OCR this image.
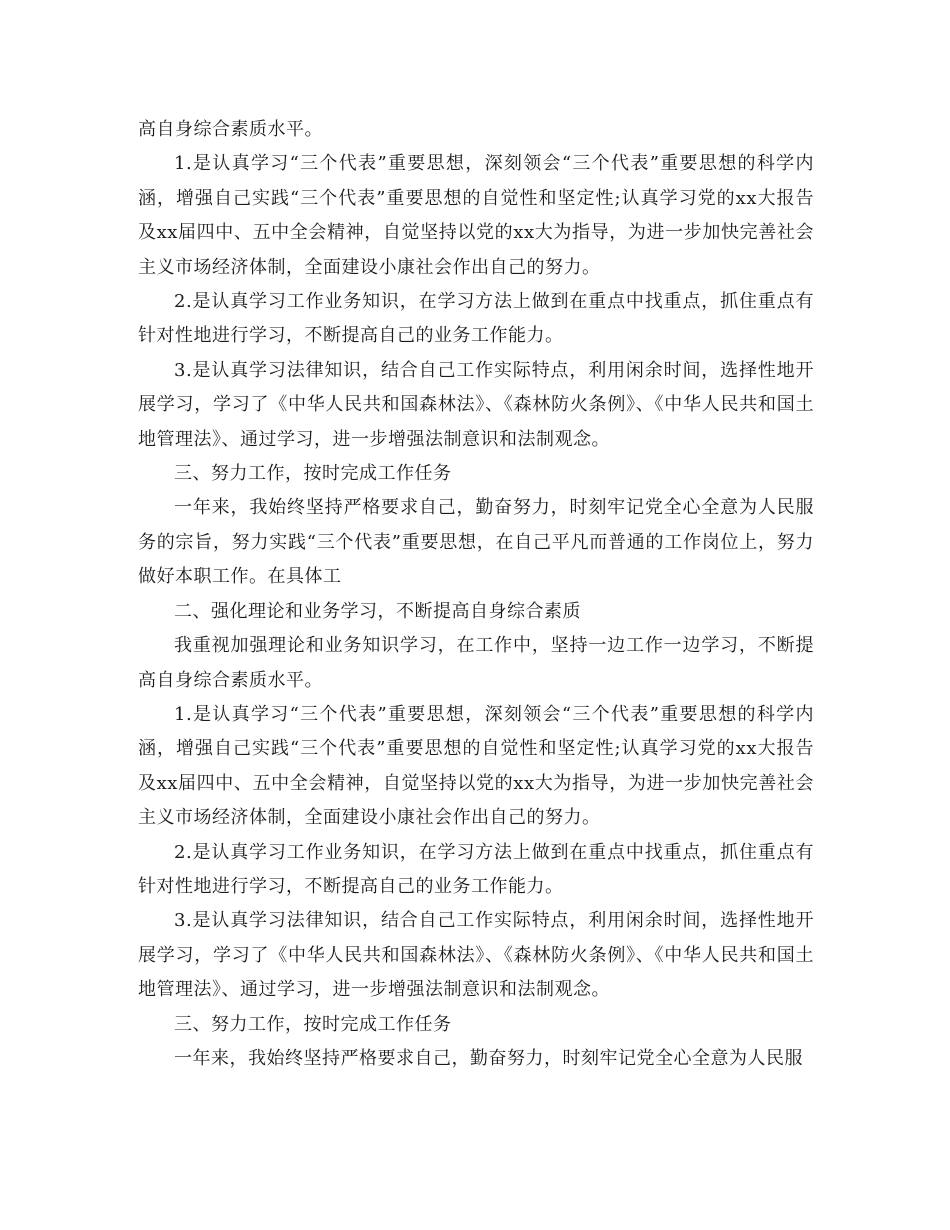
高自身综合素质水平。

1.是认真学习“三个代表”重要思想，深刻领会“三个代表”重要思想的科学内涵，增强自己实践“三个代表”重要思想的自觉性和坚定性;认真学习党的xx大报告及xx届四中、五中全会精神，自觉坚持以党的xx大为指导，为进一步加快完善社会主义市场经济体制，全面建设小康社会作出自己的努力。

2.是认真学习工作业务知识，在学习方法上做到在重点中找重点，抓住重点有针对性地进行学习，不断提高自己的业务工作能力。

3.是认真学习法律知识，结合自己工作实际特点，利用闲余时间，选择性地开展学习，学习了《中华人民共和国森林法》、《森林防火条例》、《中华人民共和国土地管理法》、通过学习，进一步增强法制意识和法制观念。

三、努力工作，按时完成工作任务

一年来，我始终坚持严格要求自己，勤奋努力，时刻牢记党全心全意为人民服务的宗旨，努力实践“三个代表”重要思想，在自己平凡而普通的工作岗位上，努力做好本职工作。在具体工

二、强化理论和业务学习，不断提高自身综合素质

我重视加强理论和业务知识学习，在工作中，坚持一边工作一边学习，不断提高自身综合素质水平。

1.是认真学习“三个代表”重要思想，深刻领会“三个代表”重要思想的科学内涵，增强自己实践“三个代表”重要思想的自觉性和坚定性;认真学习党的xx大报告及xx届四中、五中全会精神，自觉坚持以党的xx大为指导，为进一步加快完善社会主义市场经济体制，全面建设小康社会作出自己的努力。

2.是认真学习工作业务知识，在学习方法上做到在重点中找重点，抓住重点有针对性地进行学习，不断提高自己的业务工作能力。

3.是认真学习法律知识，结合自己工作实际特点，利用闲余时间，选择性地开展学习，学习了《中华人民共和国森林法》、《森林防火条例》、《中华人民共和国土地管理法》、通过学习，进一步增强法制意识和法制观念。

三、努力工作，按时完成工作任务

一年来，我始终坚持严格要求自己，勤奋努力，时刻牢记党全心全意为人民服
